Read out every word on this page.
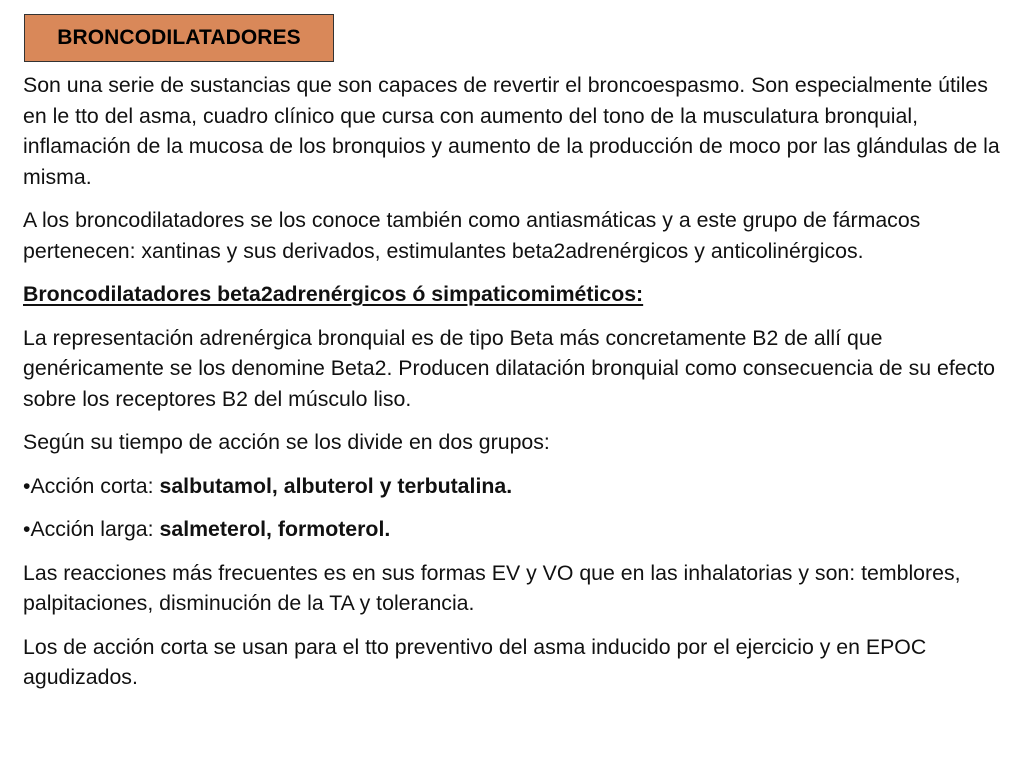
BRONCODILATADORES

Son una serie de sustancias que son capaces de revertir el broncoespasmo. Son especialmente útiles en le tto del asma, cuadro clínico que cursa con aumento del tono de la musculatura bronquial, inflamación de la mucosa de los bronquios y aumento de la producción de moco por las glándulas de la misma.

A los broncodilatadores se los conoce también como antiasmáticas y a este grupo de fármacos pertenecen: xantinas y sus derivados, estimulantes beta2adrenérgicos y anticolinérgicos.

Broncodilatadores beta2adrenérgicos ó simpaticomiméticos:

La representación adrenérgica bronquial es de tipo Beta más concretamente B2 de allí que genéricamente se los denomine Beta2. Producen dilatación bronquial como consecuencia de su efecto sobre los receptores B2 del músculo liso.

Según su tiempo de acción se los divide en dos grupos:

•Acción corta: salbutamol, albuterol y terbutalina.

•Acción larga: salmeterol, formoterol.

Las reacciones más frecuentes es en sus formas EV y VO que en las inhalatorias y son: temblores, palpitaciones, disminución de la TA y tolerancia.

Los de acción corta se usan para el tto preventivo del asma inducido por el ejercicio y en EPOC agudizados.
